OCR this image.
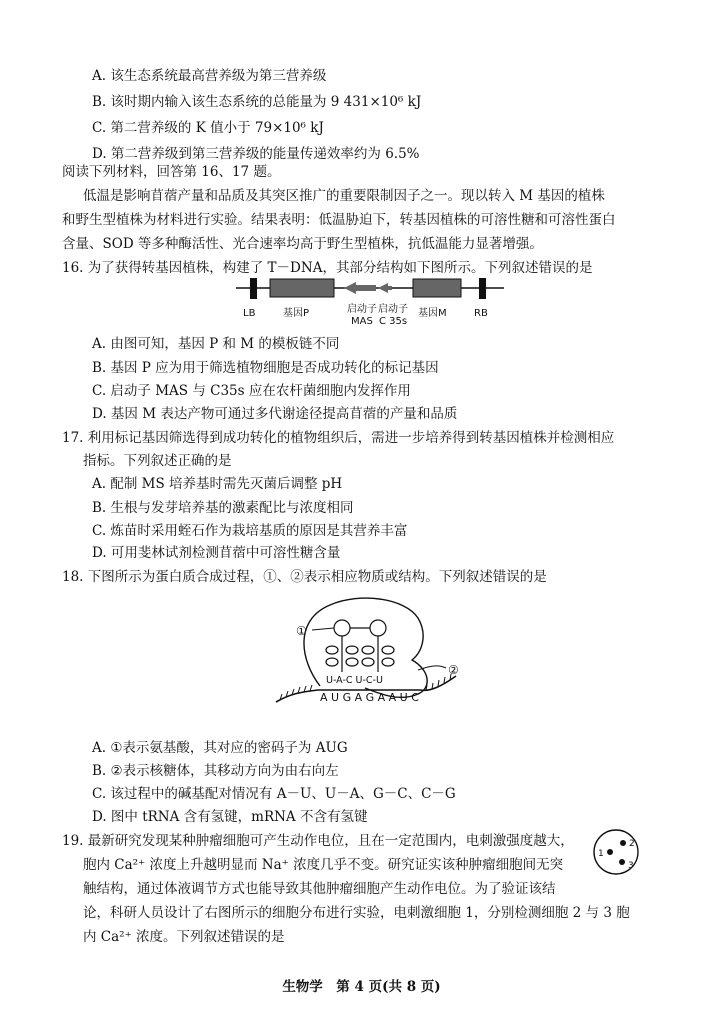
A. 该生态系统最高营养级为第三营养级
B. 该时期内输入该生态系统的总能量为 9 431×10⁶ kJ
C. 第二营养级的 K 值小于 79×10⁶ kJ
D. 第二营养级到第三营养级的能量传递效率约为 6.5%
阅读下列材料，回答第 16、17 题。
低温是影响苜蓿产量和品质及其突区推广的重要限制因子之一。现以转入 M 基因的植株
和野生型植株为材料进行实验。结果表明：低温胁迫下，转基因植株的可溶性糖和可溶性蛋白
含量、SOD 等多种酶活性、光合速率均高于野生型植株，抗低温能力显著增强。
16. 为了获得转基因植株，构建了 T－DNA，其部分结构如下图所示。下列叙述错误的是
LB	基因P	启动子
MAS
启动子
C 35s
基因M	RB
A. 由图可知，基因 P 和 M 的模板链不同
B. 基因 P 应为用于筛选植物细胞是否成功转化的标记基因
C. 启动子 MAS 与 C35s 应在农杆菌细胞内发挥作用
D. 基因 M 表达产物可通过多代谢途径提高苜蓿的产量和品质
17. 利用标记基因筛选得到成功转化的植物组织后，需进一步培养得到转基因植株并检测相应
指标。下列叙述正确的是
A. 配制 MS 培养基时需先灭菌后调整 pH
B. 生根与发芽培养基的激素配比与浓度相同
C. 炼苗时采用蛭石作为栽培基质的原因是其营养丰富
D. 可用斐林试剂检测苜蓿中可溶性糖含量
18. 下图所示为蛋白质合成过程，①、②表示相应物质或结构。下列叙述错误的是
①
②
U-A-C U-C-U
A U G A G A A U C
A. ①表示氨基酸，其对应的密码子为 AUG
B. ②表示核糖体，其移动方向为由右向左
C. 该过程中的碱基配对情况有 A－U、U－A、G－C、C－G
D. 图中 tRNA 含有氢键，mRNA 不含有氢键
19. 最新研究发现某种肿瘤细胞可产生动作电位，且在一定范围内，电刺激强度越大，
胞内 Ca²⁺ 浓度上升越明显而 Na⁺ 浓度几乎不变。研究证实该种肿瘤细胞间无突
触结构，通过体液调节方式也能导致其他肿瘤细胞产生动作电位。为了验证该结
论，科研人员设计了右图所示的细胞分布进行实验，电刺激细胞 1，分别检测细胞 2 与 3 胞
内 Ca²⁺ 浓度。下列叙述错误的是
1
2
3
生物学　第 4 页(共 8 页)
